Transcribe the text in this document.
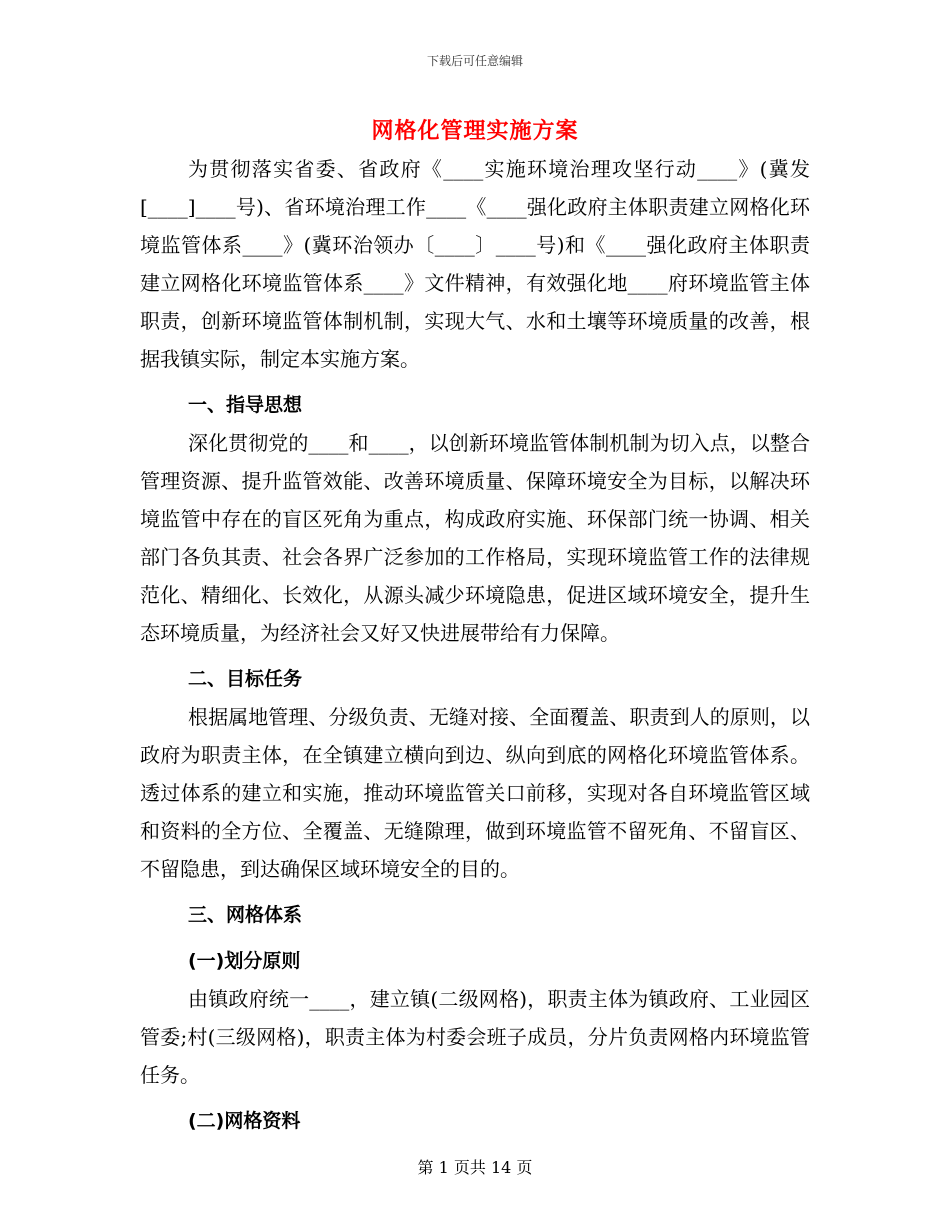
下载后可任意编辑
网格化管理实施方案

为贯彻落实省委、省政府《____实施环境治理攻坚行动____》(冀发[____]____号)、省环境治理工作____《____强化政府主体职责建立网格化环境监管体系____》(冀环治领办〔____〕____号)和《____强化政府主体职责建立网格化环境监管体系____》文件精神，有效强化地____府环境监管主体职责，创新环境监管体制机制，实现大气、水和土壤等环境质量的改善，根据我镇实际，制定本实施方案。

一、指导思想

深化贯彻党的____和____，以创新环境监管体制机制为切入点，以整合管理资源、提升监管效能、改善环境质量、保障环境安全为目标，以解决环境监管中存在的盲区死角为重点，构成政府实施、环保部门统一协调、相关部门各负其责、社会各界广泛参加的工作格局，实现环境监管工作的法律规范化、精细化、长效化，从源头减少环境隐患，促进区域环境安全，提升生态环境质量，为经济社会又好又快进展带给有力保障。

二、目标任务

根据属地管理、分级负责、无缝对接、全面覆盖、职责到人的原则，以政府为职责主体，在全镇建立横向到边、纵向到底的网格化环境监管体系。透过体系的建立和实施，推动环境监管关口前移，实现对各自环境监管区域和资料的全方位、全覆盖、无缝隙理，做到环境监管不留死角、不留盲区、不留隐患，到达确保区域环境安全的目的。

三、网格体系
(一)划分原则

由镇政府统一____，建立镇(二级网格)，职责主体为镇政府、工业园区管委;村(三级网格)，职责主体为村委会班子成员，分片负责网格内环境监管任务。

(二)网格资料
第 1 页共 14 页
